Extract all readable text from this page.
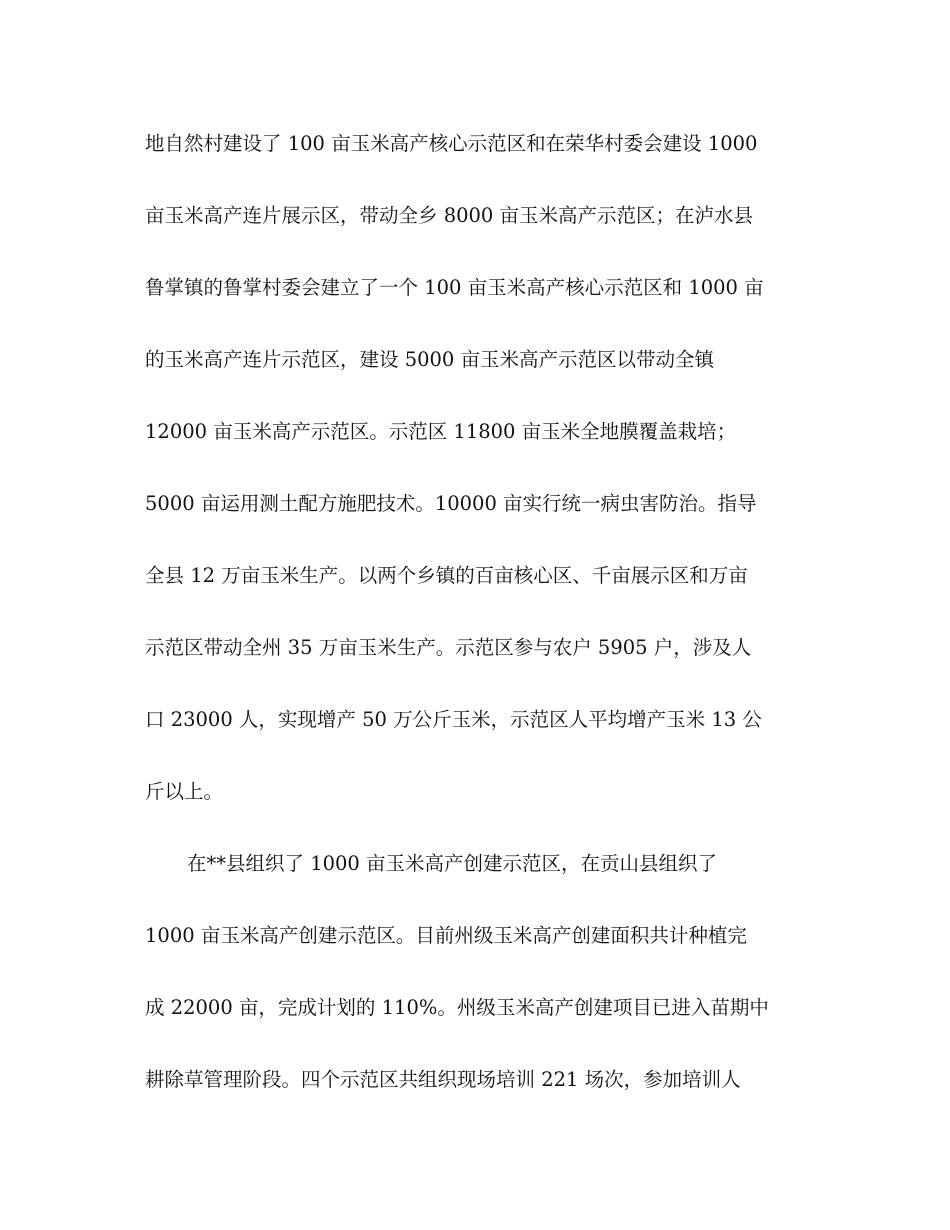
地自然村建设了 100 亩玉米高产核心示范区和在荣华村委会建设 1000
亩玉米高产连片展示区，带动全乡 8000 亩玉米高产示范区；在泸水县
鲁掌镇的鲁掌村委会建立了一个 100 亩玉米高产核心示范区和 1000 亩
的玉米高产连片示范区，建设 5000 亩玉米高产示范区以带动全镇
12000 亩玉米高产示范区。示范区 11800 亩玉米全地膜覆盖栽培；
5000 亩运用测土配方施肥技术。10000 亩实行统一病虫害防治。指导
全县 12 万亩玉米生产。以两个乡镇的百亩核心区、千亩展示区和万亩
示范区带动全州 35 万亩玉米生产。示范区参与农户 5905 户，涉及人
口 23000 人，实现增产 50 万公斤玉米，示范区人平均增产玉米 13 公
斤以上。
在**县组织了 1000 亩玉米高产创建示范区，在贡山县组织了
1000 亩玉米高产创建示范区。目前州级玉米高产创建面积共计种植完
成 22000 亩，完成计划的 110%。州级玉米高产创建项目已进入苗期中
耕除草管理阶段。四个示范区共组织现场培训 221 场次，参加培训人
